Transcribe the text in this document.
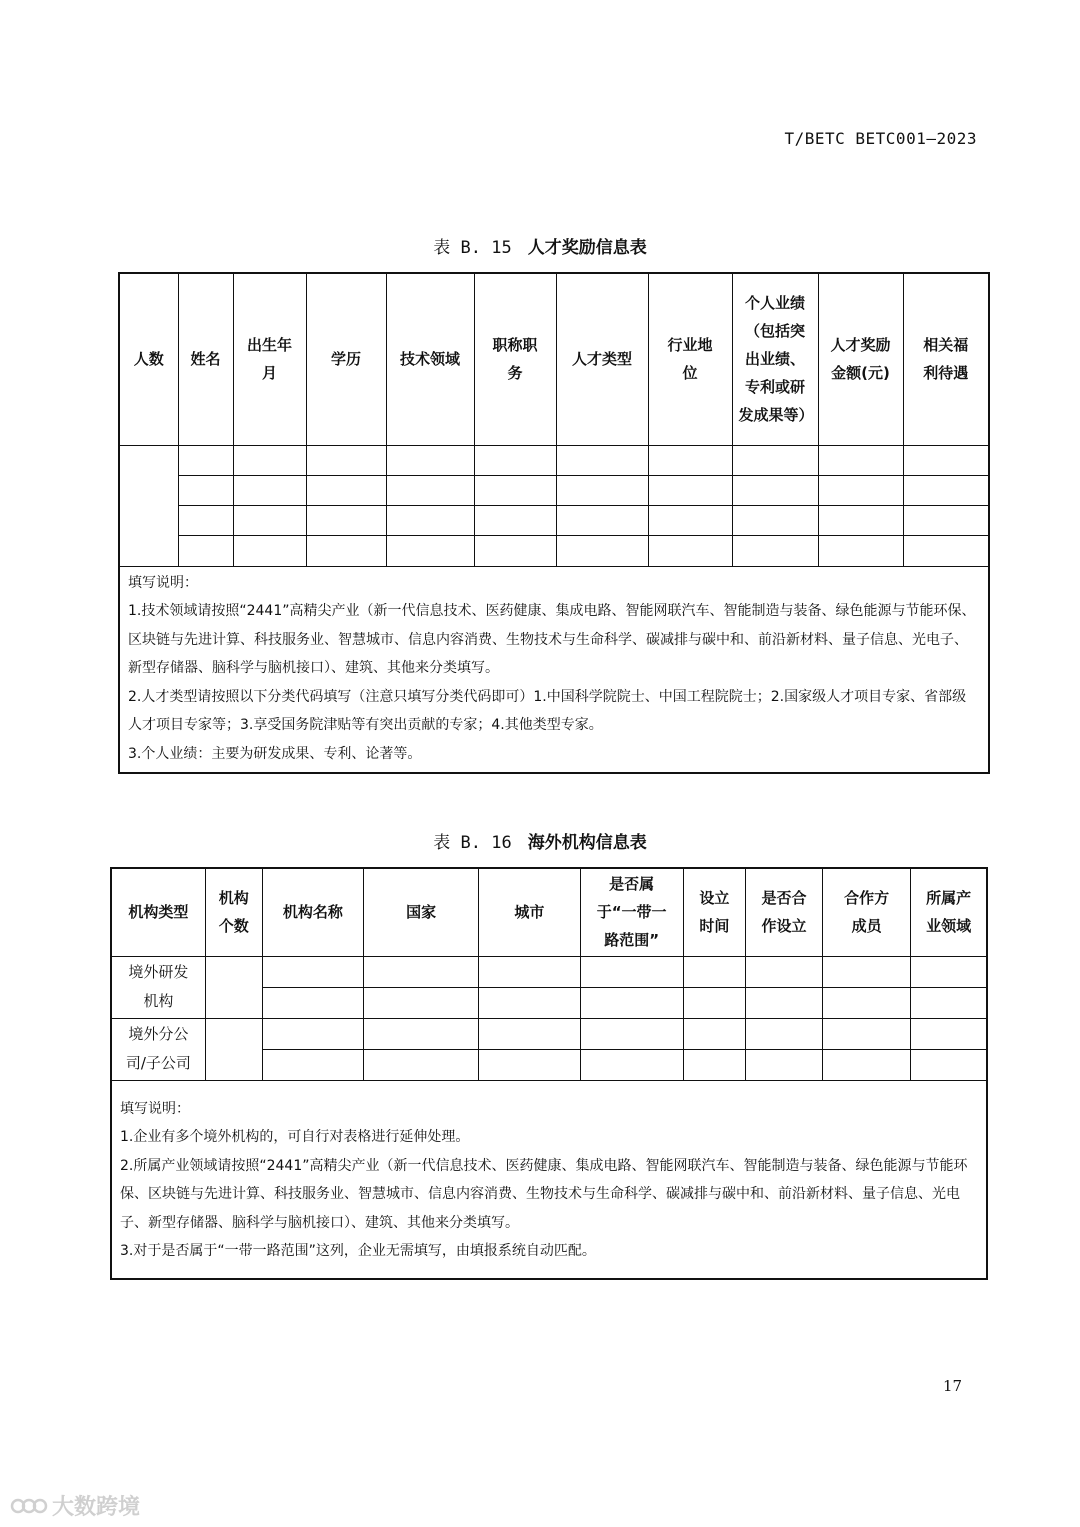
T/BETC BETC001—2023
表 B. 15 人才奖励信息表
人数	姓名	出生年月	学历	技术领域	职称职务	人才类型	行业地位	个人业绩（包括突出业绩、专利或研发成果等）	人才奖励金额(元)	相关福利待遇

填写说明：
1.技术领域请按照“2441”高精尖产业（新一代信息技术、医药健康、集成电路、智能网联汽车、智能制造与装备、绿色能源与节能环保、区块链与先进计算、科技服务业、智慧城市、信息内容消费、生物技术与生命科学、碳减排与碳中和、前沿新材料、量子信息、光电子、新型存储器、脑科学与脑机接口）、建筑、其他来分类填写。
2.人才类型请按照以下分类代码填写（注意只填写分类代码即可）1.中国科学院院士、中国工程院院士；2.国家级人才项目专家、省部级人才项目专家等；3.享受国务院津贴等有突出贡献的专家；4.其他类型专家。
3.个人业绩：主要为研发成果、专利、论著等。										
表 B. 16 海外机构信息表
机构类型	机构个数	机构名称	国家	城市	是否属于“一带一路范围”	设立时间	是否合作设立	合作方成员	所属产业领域
境外研发机构									

境外分公司/子公司									

填写说明：
1.企业有多个境外机构的，可自行对表格进行延伸处理。
2.所属产业领域请按照“2441”高精尖产业（新一代信息技术、医药健康、集成电路、智能网联汽车、智能制造与装备、绿色能源与节能环保、区块链与先进计算、科技服务业、智慧城市、信息内容消费、生物技术与生命科学、碳减排与碳中和、前沿新材料、量子信息、光电子、新型存储器、脑科学与脑机接口）、建筑、其他来分类填写。
3.对于是否属于“一带一路范围”这列，企业无需填写，由填报系统自动匹配。									
17
大数跨境
